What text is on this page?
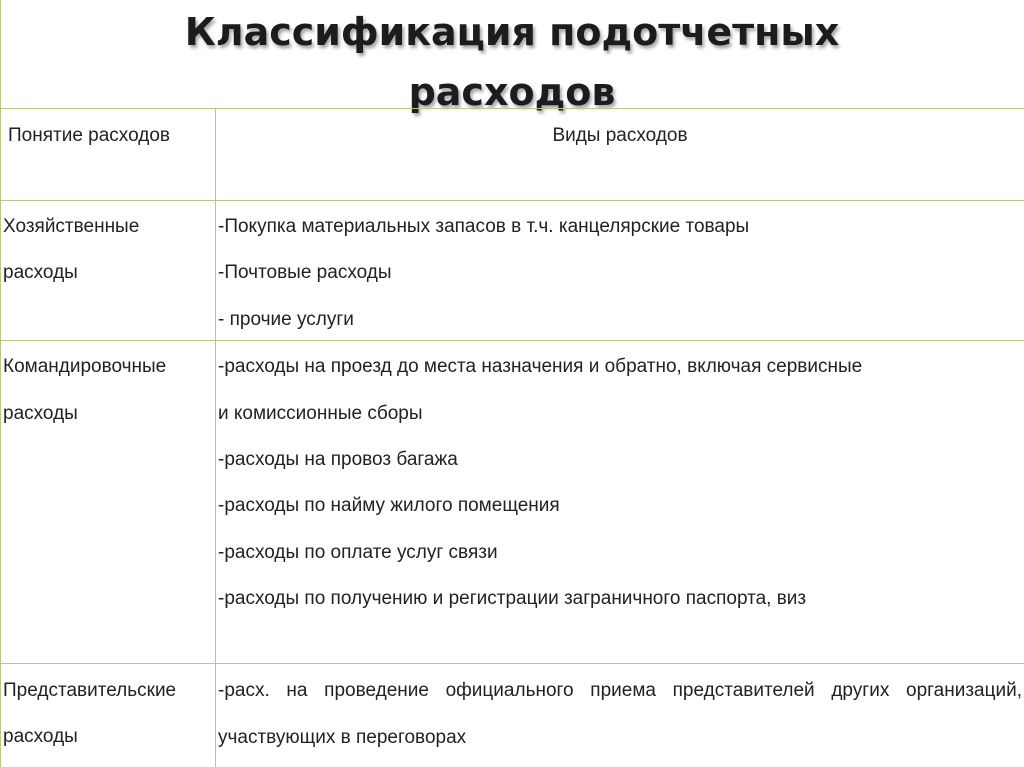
Классификация подотчетных
расходов
Понятие расходов	Виды расходов
Хозяйственные
расходы
-Покупка материальных запасов в т.ч. канцелярские товары
-Почтовые расходы
- прочие услуги
Командировочные
расходы
-расходы на проезд до места назначения и обратно, включая сервисные
и комиссионные сборы
-расходы на провоз багажа
-расходы по найму жилого помещения
-расходы по оплате услуг связи
-расходы по получению и регистрации заграничного паспорта, виз
Представительские
расходы
-расх. на проведение официального приема представителей других организаций, участвующих в переговорах
